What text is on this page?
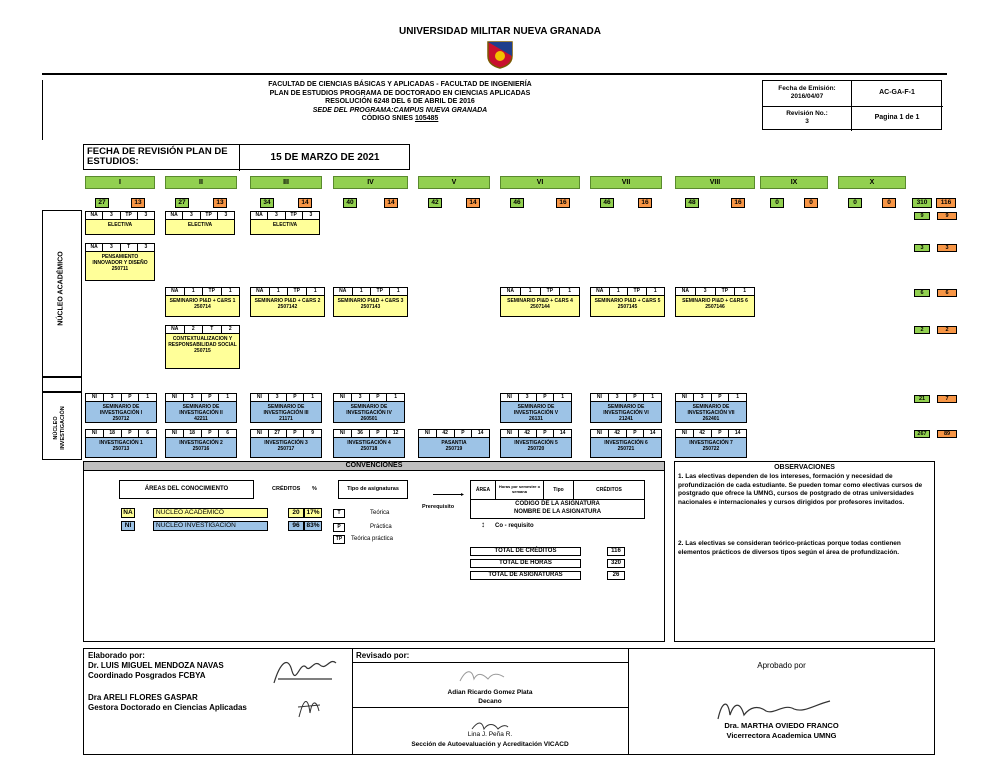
UNIVERSIDAD MILITAR NUEVA GRANADA
FACULTAD DE CIENCIAS BÁSICAS Y APLICADAS - FACULTAD DE INGENIERÍA
PLAN DE ESTUDIOS PROGRAMA DE DOCTORADO EN CIENCIAS APLICADAS
RESOLUCIÓN 6248 DEL 6 DE ABRIL DE 2016
SEDE DEL PROGRAMA:CAMPUS NUEVA GRANADA
CÓDIGO SNIES 105485
Fecha de Emisión:
2016/04/07
AC-GA-F-1
Revisión No.:
3
Pagina 1 de 1
FECHA DE REVISIÓN PLAN DE ESTUDIOS:	15 DE MARZO DE 2021
I
27	13
II
27	13
III
34	14
IV
40	14
V
42	14
VI
46	16
VII
46	16
VIII
48	16
IX
0	0
X
0	0	310	116
NÚCLEO ACADÉMICO
NÚCLEO INVESTIGACIÓN
NA	3	TP	3
ELECTIVA
NA	3	TP	3
ELECTIVA
NA	3	TP	3
ELECTIVA
NA	3	T	3
PENSAMIENTO INNOVADOR Y DISEÑO
250711
NA	1	TP	1
SEMINARIO PI&D + C&RS 1
250714
NA	1	TP	1
SEMINARIO PI&D + C&RS 2
2507142
NA	1	TP	1
SEMINARIO PI&D + C&RS 3
2507143
NA	1	TP	1
SEMINARIO PI&D + C&RS 4
2507144
NA	1	TP	1
SEMINARIO PI&D + C&RS 5
2507145
NA	3	TP	1
SEMINARIO PI&D + C&RS 6
2507146
NA	2	T	2
CONTEXTUALIZACION Y RESPONSABILIDAD SOCIAL
250715
NI	3	P	1
SEMINARIO DE INVESTIGACIÓN I
250712
NI	3	P	1
SEMINARIO DE INVESTIGACIÓN II
42211
NI	3	P	1
SEMINARIO DE INVESTIGACIÓN III
21171
NI	3	P	1
SEMINARIO DE INVESTIGACIÓN IV
260501
NI	3	P	1
SEMINARIO DE INVESTIGACIÓN V
26131
NI	3	P	1
SEMINARIO DE INVESTIGACIÓN VI
21241
NI	3	P	1
SEMINARIO DE INVESTIGACIÓN VII
262401
NI	18	P	6
INVESTIGACIÓN 1
250713
NI	18	P	6
INVESTIGACIÓN 2
250716
NI	27	P	9
INVESTIGACIÓN 3
250717
NI	36	P	12
INVESTIGACIÓN 4
250718
NI	42	P	14
PASANTIA
250719
NI	42	P	14
INVESTIGACIÓN 5
250720
NI	42	P	14
INVESTIGACIÓN 6
250721
NI	42	P	14
INVESTIGACIÓN 7
250722
9	9
3	3
6	6
2	2
21	7
267	89
CONVENCIONES
ÁREAS DEL CONOCIMIENTO	CRÉDITOS %	Tipo de asignaturas
NA	NUCLEO ACADEMICO	20	17%
NI	NUCLEO INVESTIGACION	96	83%
T	Teórica
P	Práctica
TP	Teórica práctica
▸
Prerequisito
ÁREA
Horas por semestre o semana	Tipo	CRÉDITOS
CÓDIGO DE LA ASIGNATURA
NOMBRE DE LA ASIGNATURA
↕ Co - requisito
TOTAL DE CRÉDITOS	116
TOTAL DE HORAS	320
TOTAL DE ASIGNATURAS	26
OBSERVACIONES
1. Las electivas dependen de los intereses, formación y necesidad de profundización de cada estudiante. Se pueden tomar como electivas cursos de postgrado que ofrece la UMNG, cursos de postgrado de otras universidades nacionales e internacionales y cursos dirigidos por profesores invitados.
2. Las electivas se consideran teórico-prácticas porque todas contienen elementos prácticos de diversos tipos según el área de profundización.
Elaborado por:
Dr. LUIS MIGUEL MENDOZA NAVAS
Coordinado Posgrados FCBYA
Dra ARELI FLORES GASPAR
Gestora Doctorado en Ciencias Aplicadas
Revisado por:
Adian Ricardo Gomez Plata
Decano
Lina J. Peña R.
Sección de Autoevaluación y Acreditación VICACD
Aprobado por
Dra. MARTHA OVIEDO FRANCO
Vicerrectora Academica UMNG
